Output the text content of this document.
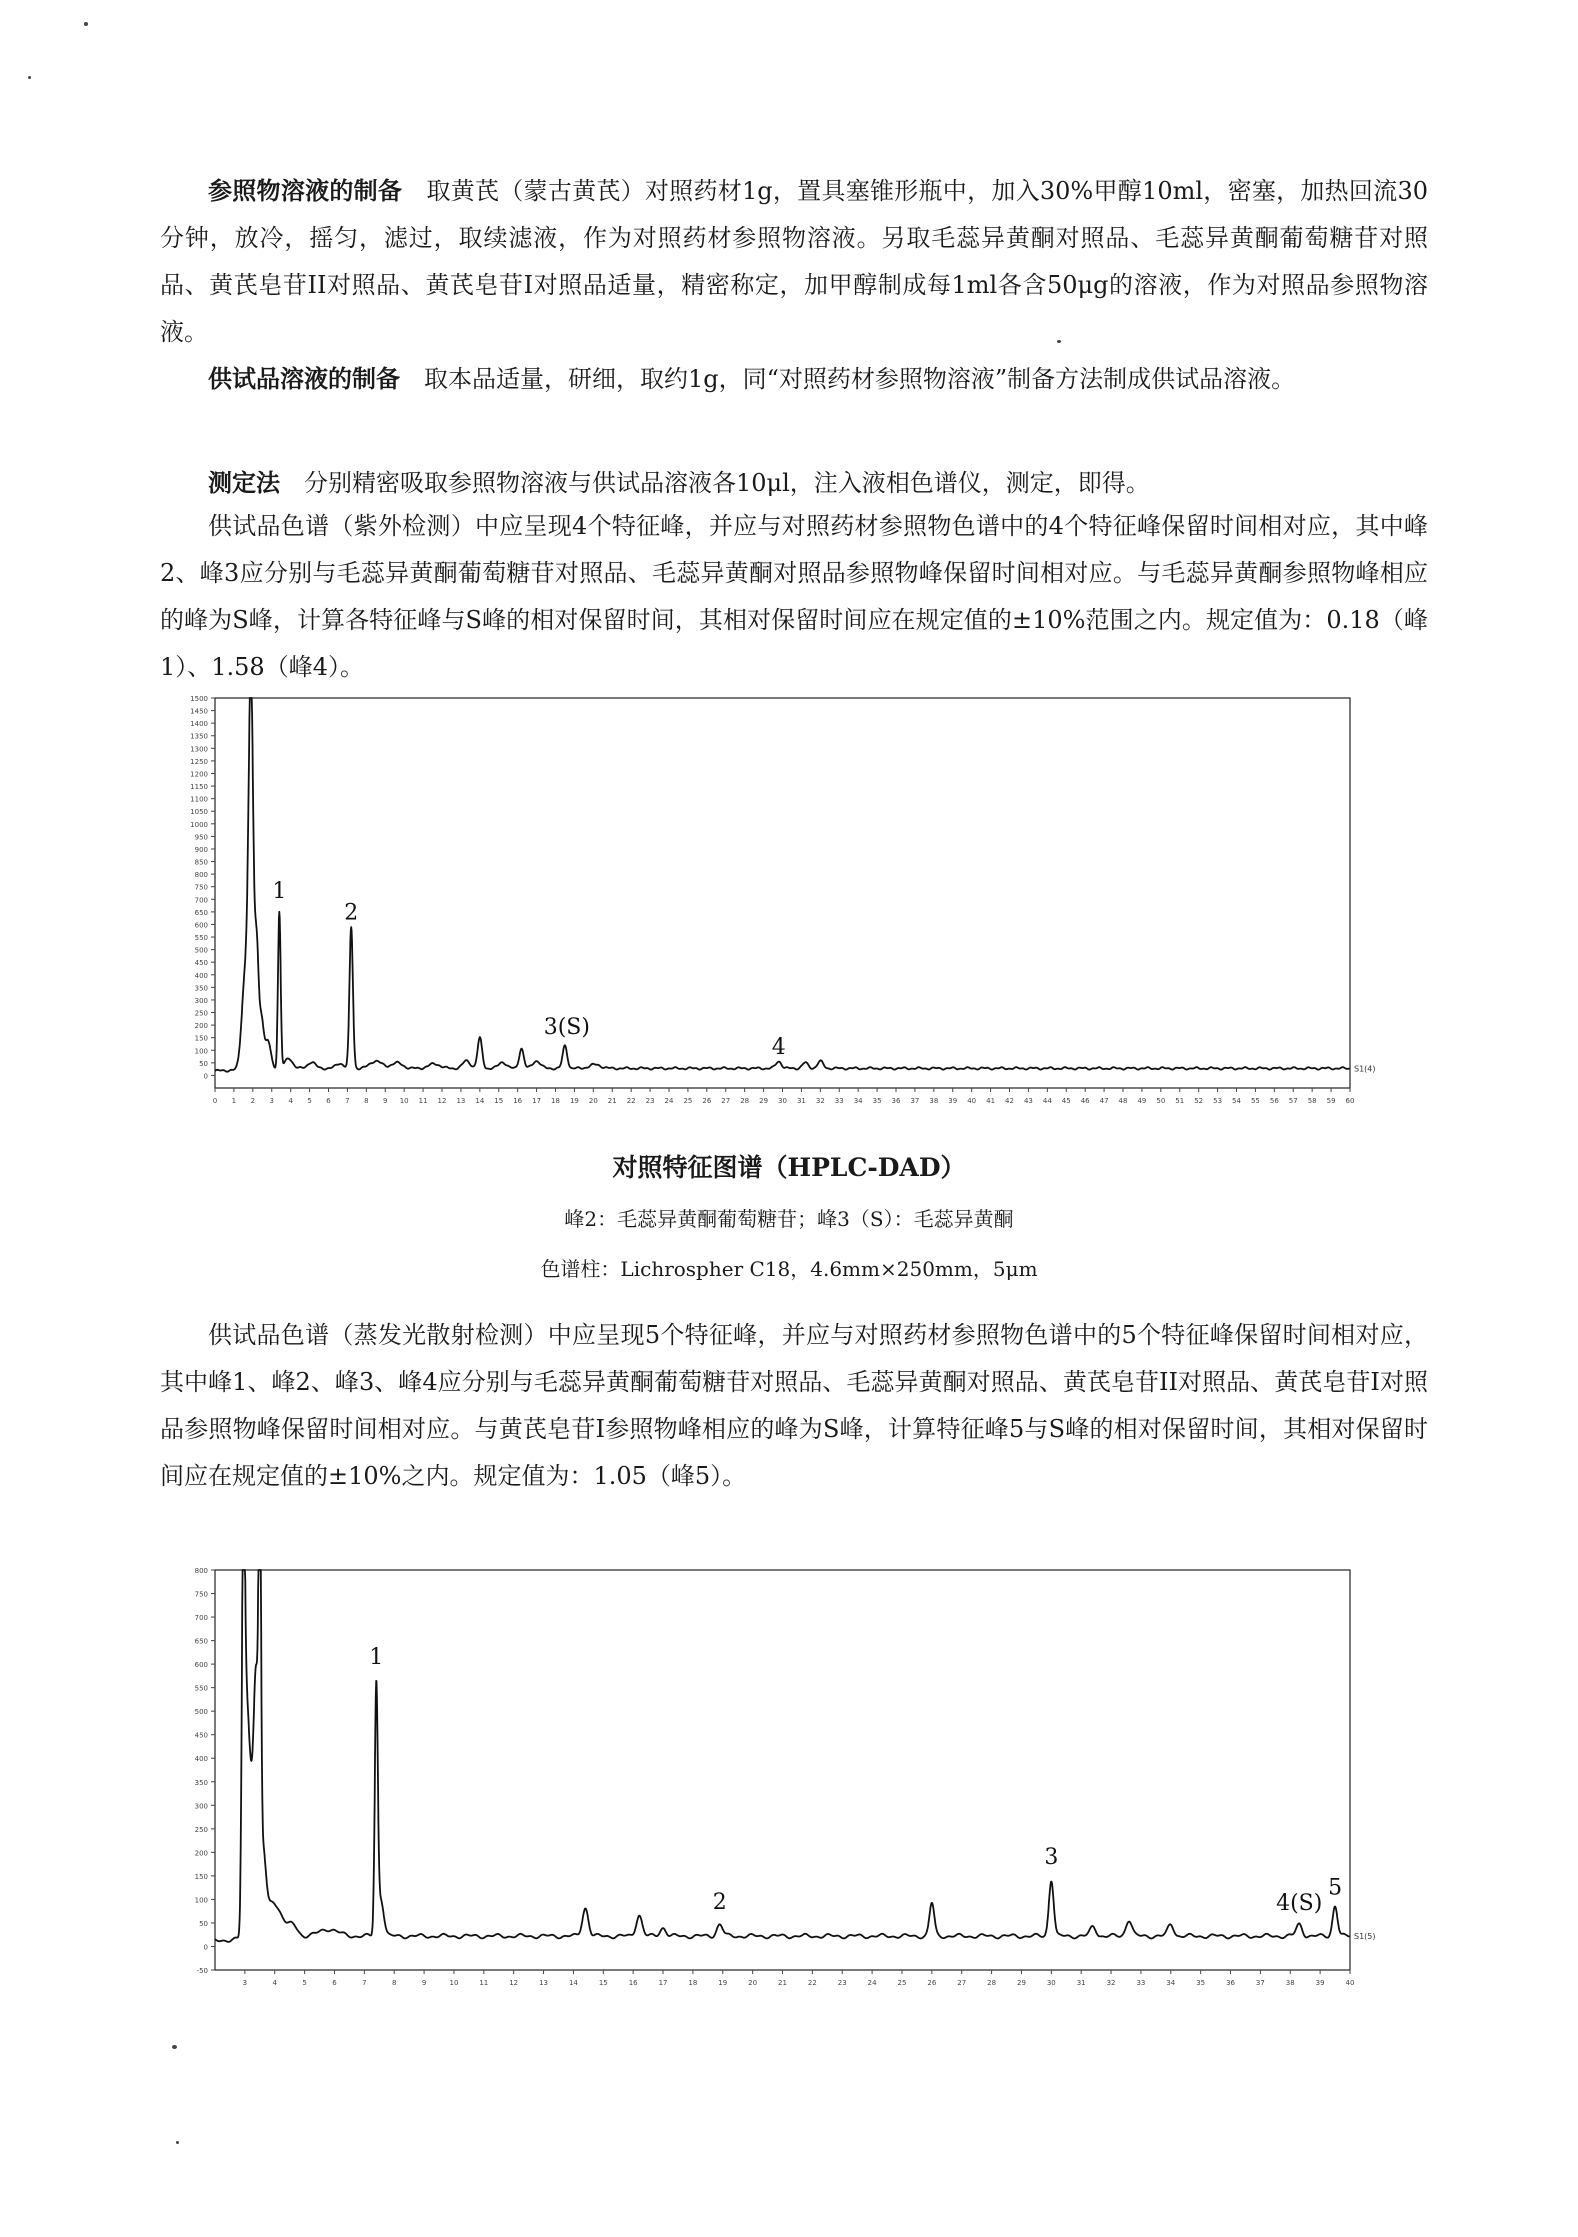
参照物溶液的制备　 取黄芪（蒙古黄芪）对照药材1g，置具塞锥形瓶中，加入30%甲醇10ml，密塞，加热回流30分钟，放冷，摇匀，滤过，取续滤液，作为对照药材参照物溶液。另取毛蕊异黄酮对照品、毛蕊异黄酮葡萄糖苷对照品、黄芪皂苷II对照品、黄芪皂苷I对照品适量，精密称定，加甲醇制成每1ml各含50μg的溶液，作为对照品参照物溶液。

供试品溶液的制备　 取本品适量，研细，取约1g，同“对照药材参照物溶液”制备方法制成供试品溶液。

测定法　 分别精密吸取参照物溶液与供试品溶液各10μl，注入液相色谱仪，测定，即得。

供试品色谱（紫外检测）中应呈现4个特征峰，并应与对照药材参照物色谱中的4个特征峰保留时间相对应，其中峰2、峰3应分别与毛蕊异黄酮葡萄糖苷对照品、毛蕊异黄酮对照品参照物峰保留时间相对应。与毛蕊异黄酮参照物峰相应的峰为S峰，计算各特征峰与S峰的相对保留时间，其相对保留时间应在规定值的±10%范围之内。规定值为：0.18（峰1）、1.58（峰4）。

0
50
100
150
200
250
300
350
400
450
500
550
600
650
700
750
800
850
900
950
1000
1050
1100
1150
1200
1250
1300
1350
1400
1450
1500
0 1 2 3 4 5 6 7 8 9 10 11 12 13 14 15 16 17 18 19 20 21 22 23 24 25 26 27 28 29 30 31 32 33 34 35 36 37 38 39 40 41 42 43 44 45 46 47 48 49 50 51 52 53 54 55 56 57 58 59 60
S1(4)
1
2
3(S)
4
对照特征图谱（HPLC-DAD）
峰2：毛蕊异黄酮葡萄糖苷；峰3（S）：毛蕊异黄酮
色谱柱：Lichrospher C18，4.6mm×250mm，5μm

供试品色谱（蒸发光散射检测）中应呈现5个特征峰，并应与对照药材参照物色谱中的5个特征峰保留时间相对应，其中峰1、峰2、峰3、峰4应分别与毛蕊异黄酮葡萄糖苷对照品、毛蕊异黄酮对照品、黄芪皂苷II对照品、黄芪皂苷I对照品参照物峰保留时间相对应。与黄芪皂苷I参照物峰相应的峰为S峰，计算特征峰5与S峰的相对保留时间，其相对保留时间应在规定值的±10%之内。规定值为：1.05（峰5）。

-50
0
50
100
150
200
250
300
350
400
450
500
550
600
650
700
750
800
3	4	5	6	7	8	9	10	11	12	13	14	15	16	17	18	19	20	21	22	23	24	25	26	27	28	29	30	31	32	33	34	35	36	37	38	39	40
S1(5)
1
2
3
4(S)
5
